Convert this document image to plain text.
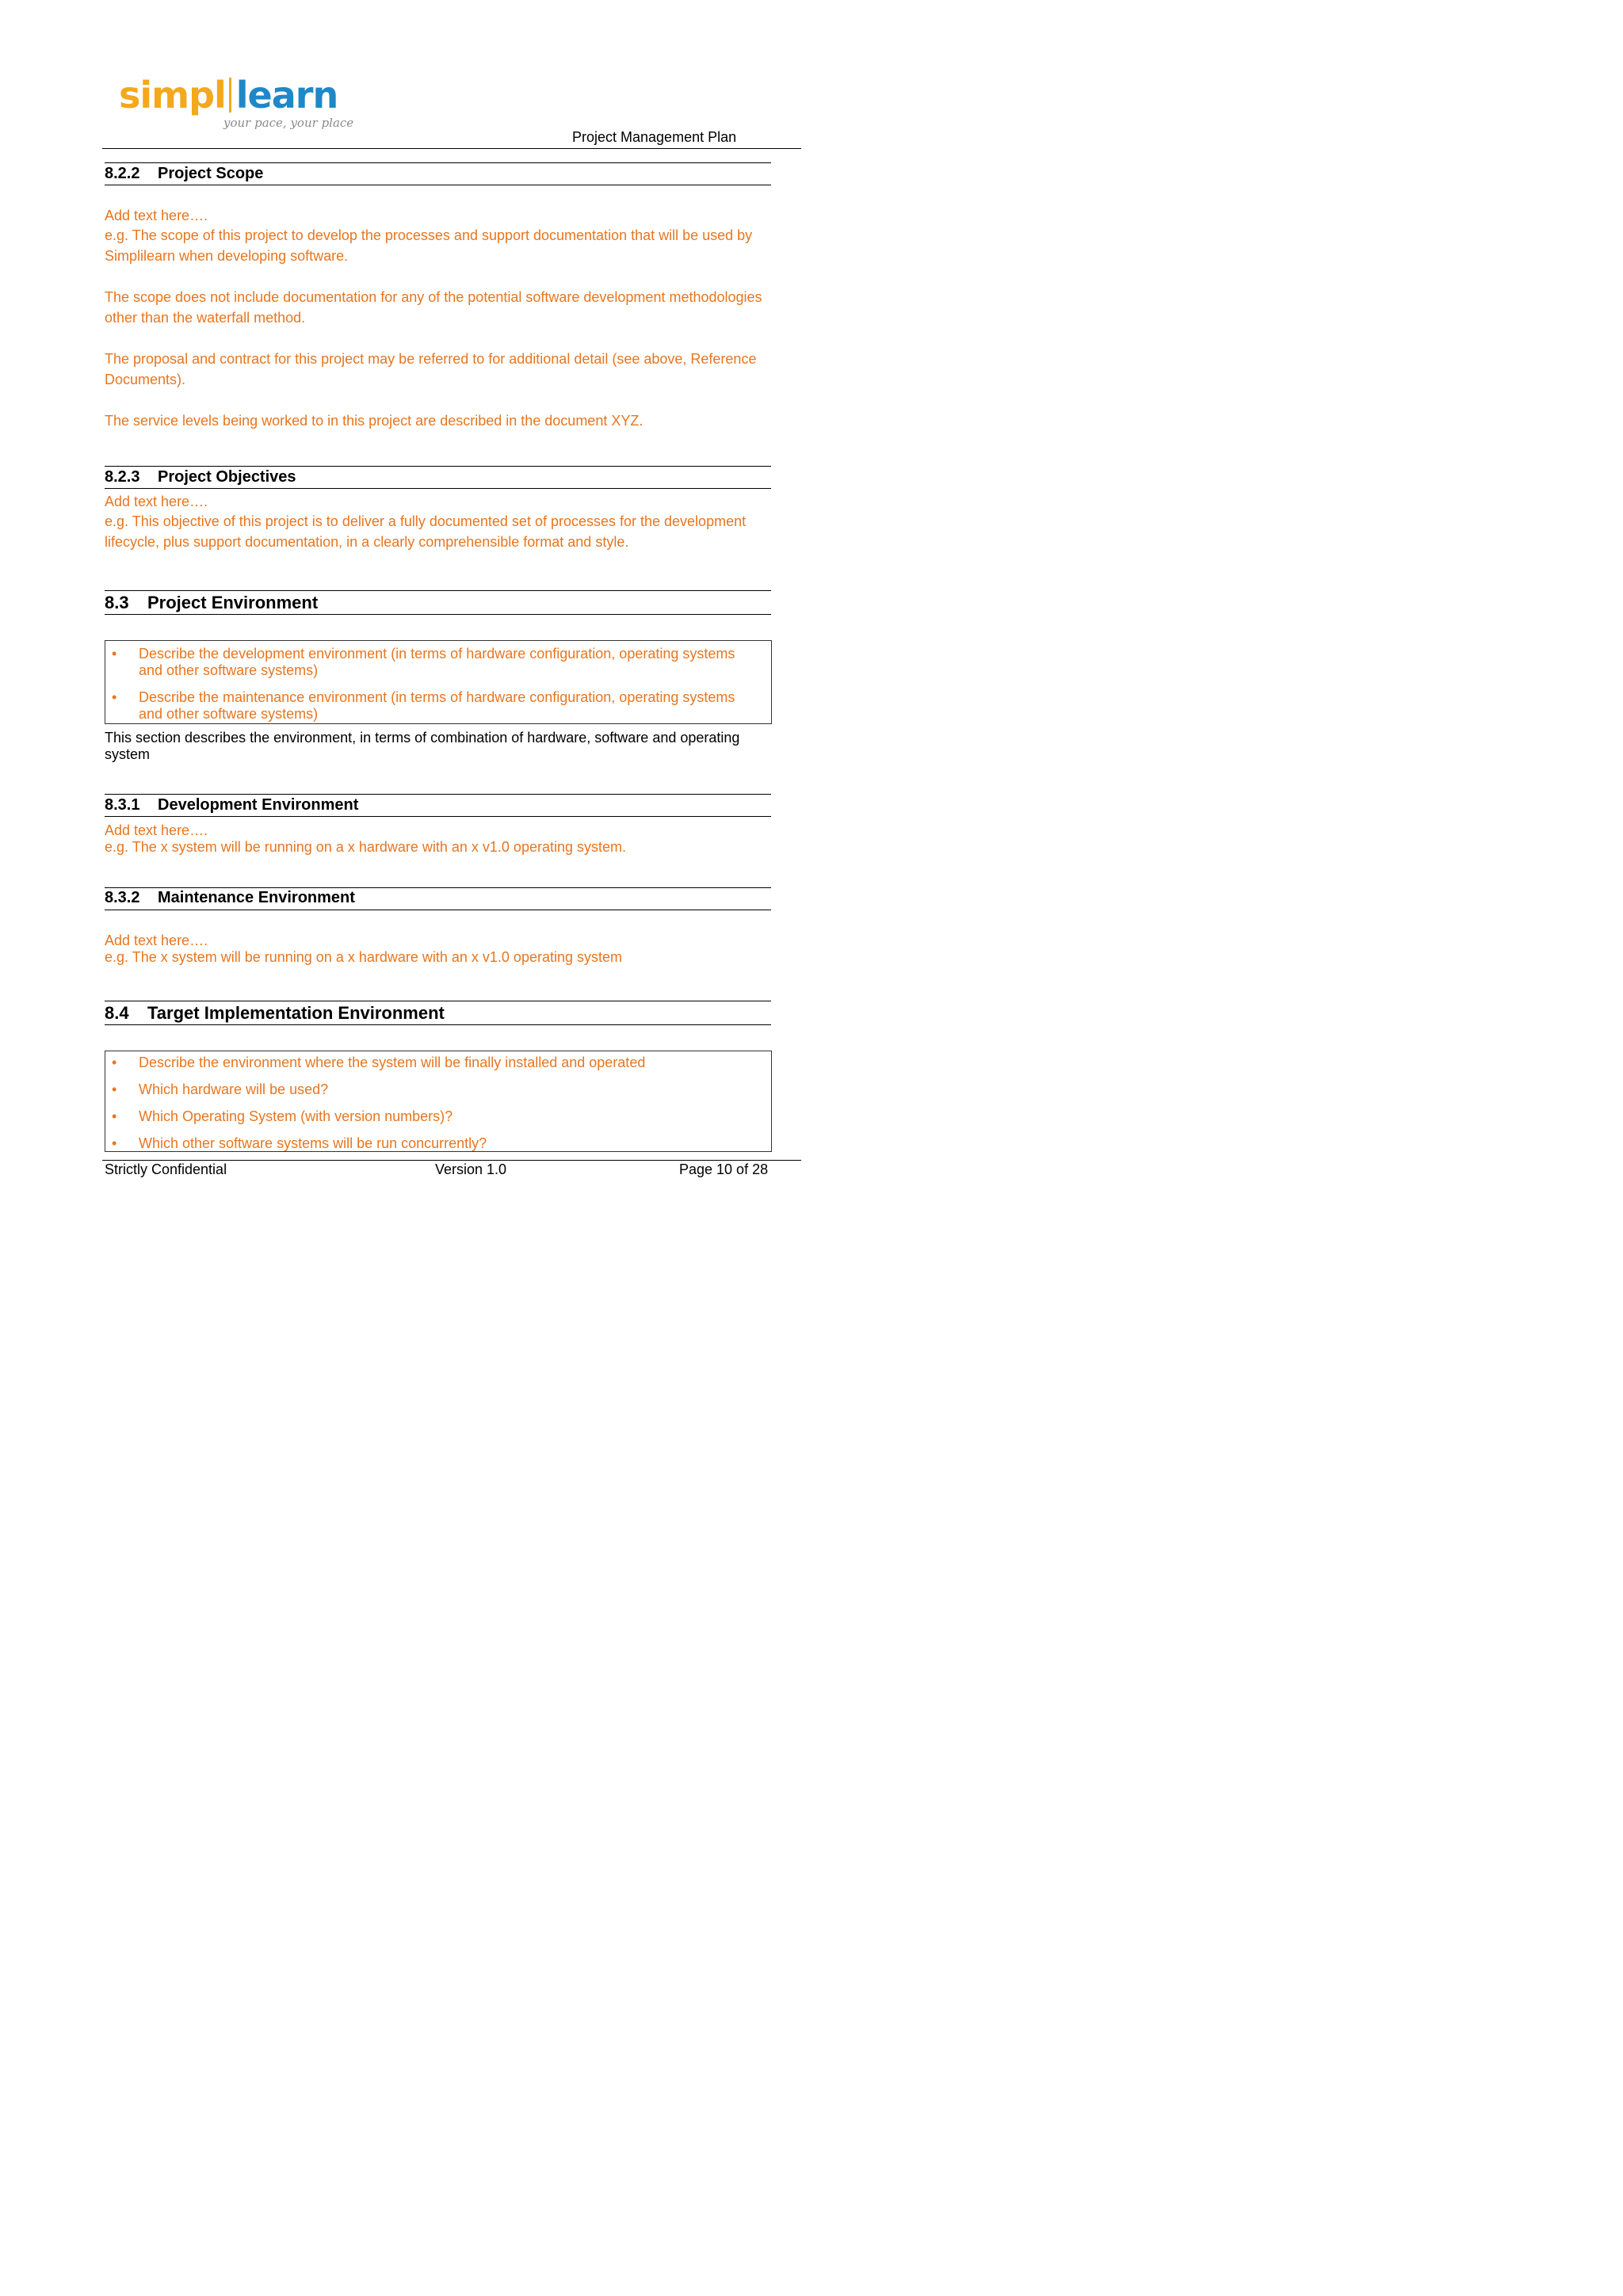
simpl learn
your pace, your place
Project Management Plan
8.2.2 Project Scope
Add text here….
e.g. The scope of this project to develop the processes and support documentation that will be used by Simplilearn when developing software.
The scope does not include documentation for any of the potential software development methodologies other than the waterfall method.
The proposal and contract for this project may be referred to for additional detail (see above, Reference Documents).
The service levels being worked to in this project are described in the document XYZ.
8.2.3 Project Objectives
Add text here….
e.g. This objective of this project is to deliver a fully documented set of processes for the development lifecycle, plus support documentation, in a clearly comprehensible format and style.
8.3 Project Environment
• Describe the development environment (in terms of hardware configuration, operating systems and other software systems)
• Describe the maintenance environment (in terms of hardware configuration, operating systems and other software systems)
This section describes the environment, in terms of combination of hardware, software and operating system
8.3.1 Development Environment
Add text here….
e.g. The x system will be running on a x hardware with an x v1.0 operating system.
8.3.2 Maintenance Environment
Add text here….
e.g. The x system will be running on a x hardware with an x v1.0 operating system
8.4 Target Implementation Environment
• Describe the environment where the system will be finally installed and operated
• Which hardware will be used?
• Which Operating System (with version numbers)?
• Which other software systems will be run concurrently?
Strictly Confidential	Version 1.0	Page 10 of 28
